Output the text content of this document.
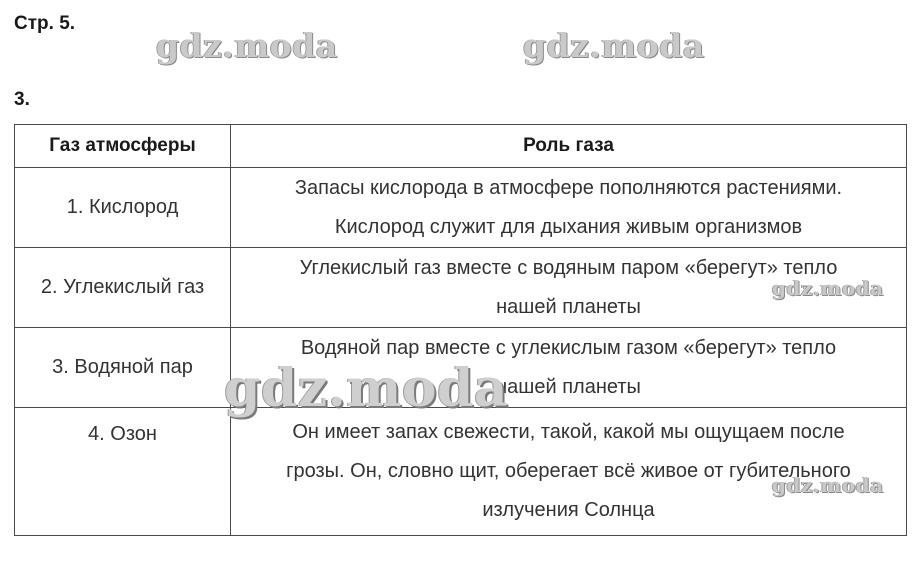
Стр. 5.
3.
gdz.moda	gdz.moda
Газ атмосферы	Роль газа
1. Кислород	Запасы кислорода в атмосфере пополняются растениями.
Кислород служит для дыхания живым организмов

2. Углекислый газ	Углекислый газ вместе с водяным паром «берегут» тепло
нашей планеты

3. Водяной пар	Водяной пар вместе с углекислым газом «берегут» тепло
нашей планеты

4. Озон	Он имеет запах свежести, такой, какой мы ощущаем после
грозы. Он, словно щит, оберегает всё живое от губительного
излучения Солнца
gdz.moda
gdz.moda
gdz.moda
